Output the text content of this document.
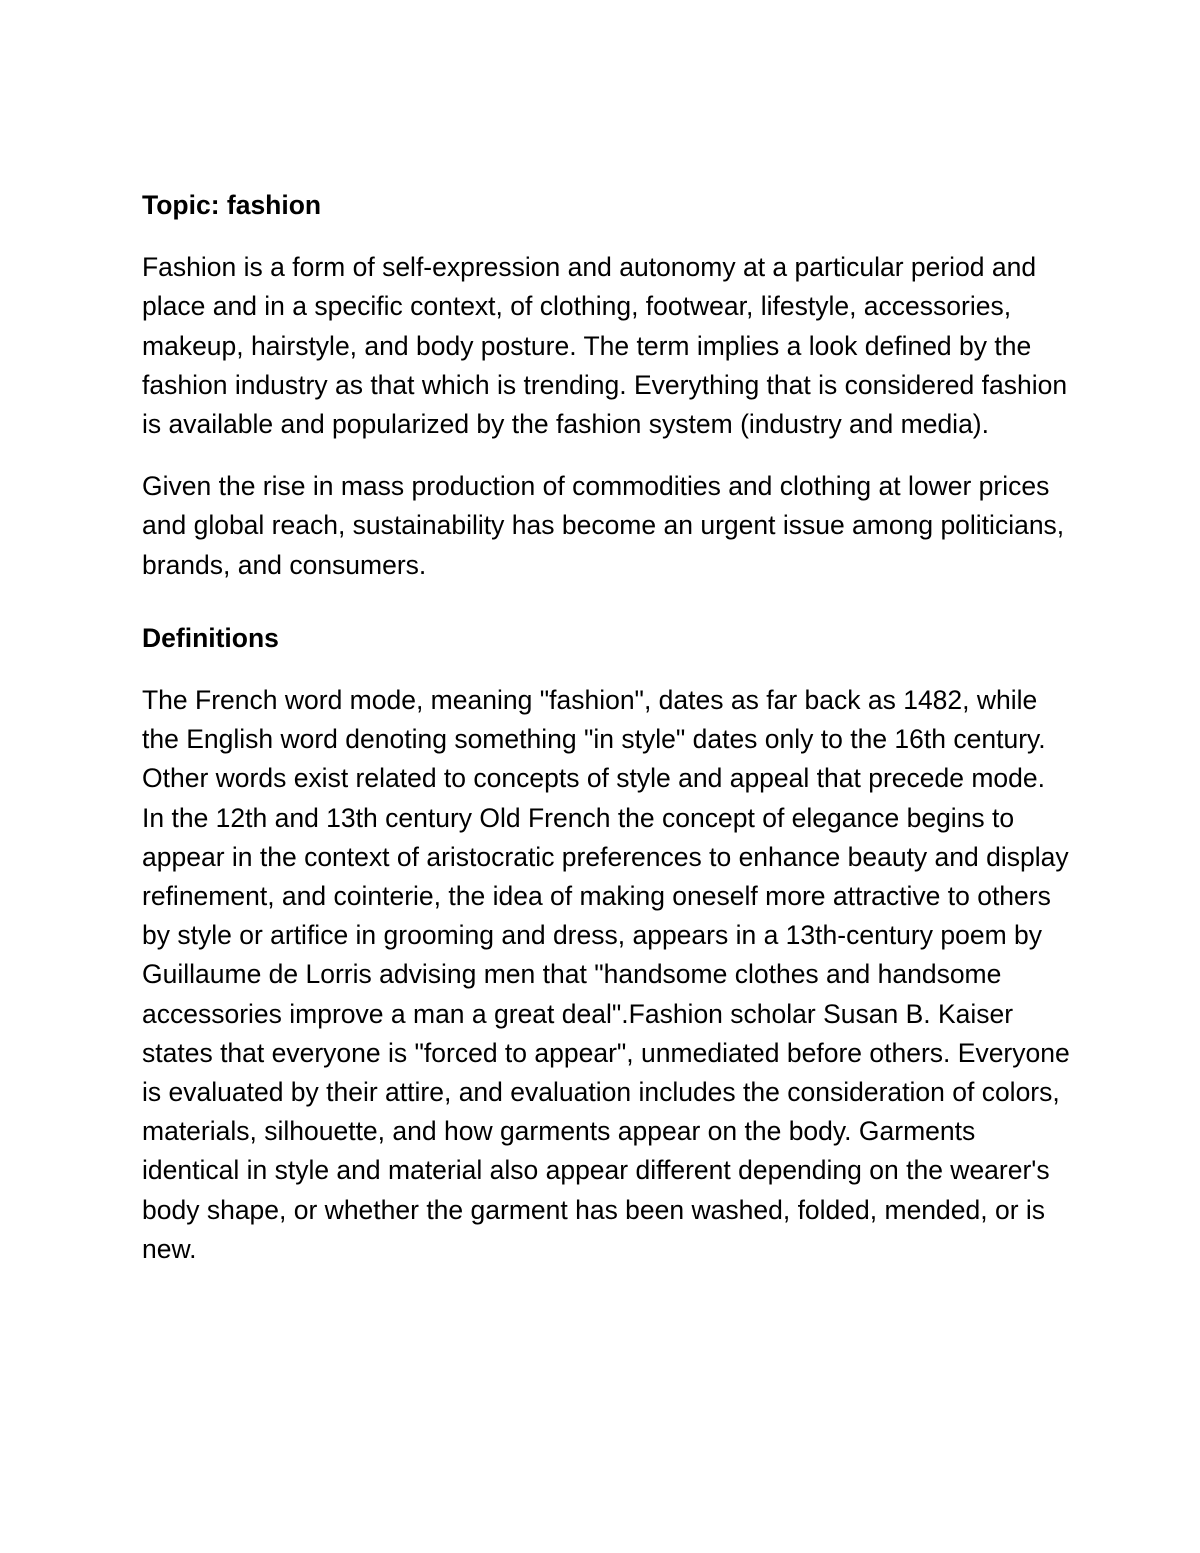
Topic: fashion

Fashion is a form of self-expression and autonomy at a particular period and place and in a specific context, of clothing, footwear, lifestyle, accessories, makeup, hairstyle, and body posture. The term implies a look defined by the fashion industry as that which is trending. Everything that is considered fashion is available and popularized by the fashion system (industry and media).

Given the rise in mass production of commodities and clothing at lower prices and global reach, sustainability has become an urgent issue among politicians, brands, and consumers.

Definitions

The French word mode, meaning "fashion", dates as far back as 1482, while the English word denoting something "in style" dates only to the 16th century. Other words exist related to concepts of style and appeal that precede mode. In the 12th and 13th century Old French the concept of elegance begins to appear in the context of aristocratic preferences to enhance beauty and display refinement, and cointerie, the idea of making oneself more attractive to others by style or artifice in grooming and dress, appears in a 13th-century poem by Guillaume de Lorris advising men that "handsome clothes and handsome accessories improve a man a great deal".Fashion scholar Susan B. Kaiser states that everyone is "forced to appear", unmediated before others. Everyone is evaluated by their attire, and evaluation includes the consideration of colors, materials, silhouette, and how garments appear on the body. Garments identical in style and material also appear different depending on the wearer's body shape, or whether the garment has been washed, folded, mended, or is new.
